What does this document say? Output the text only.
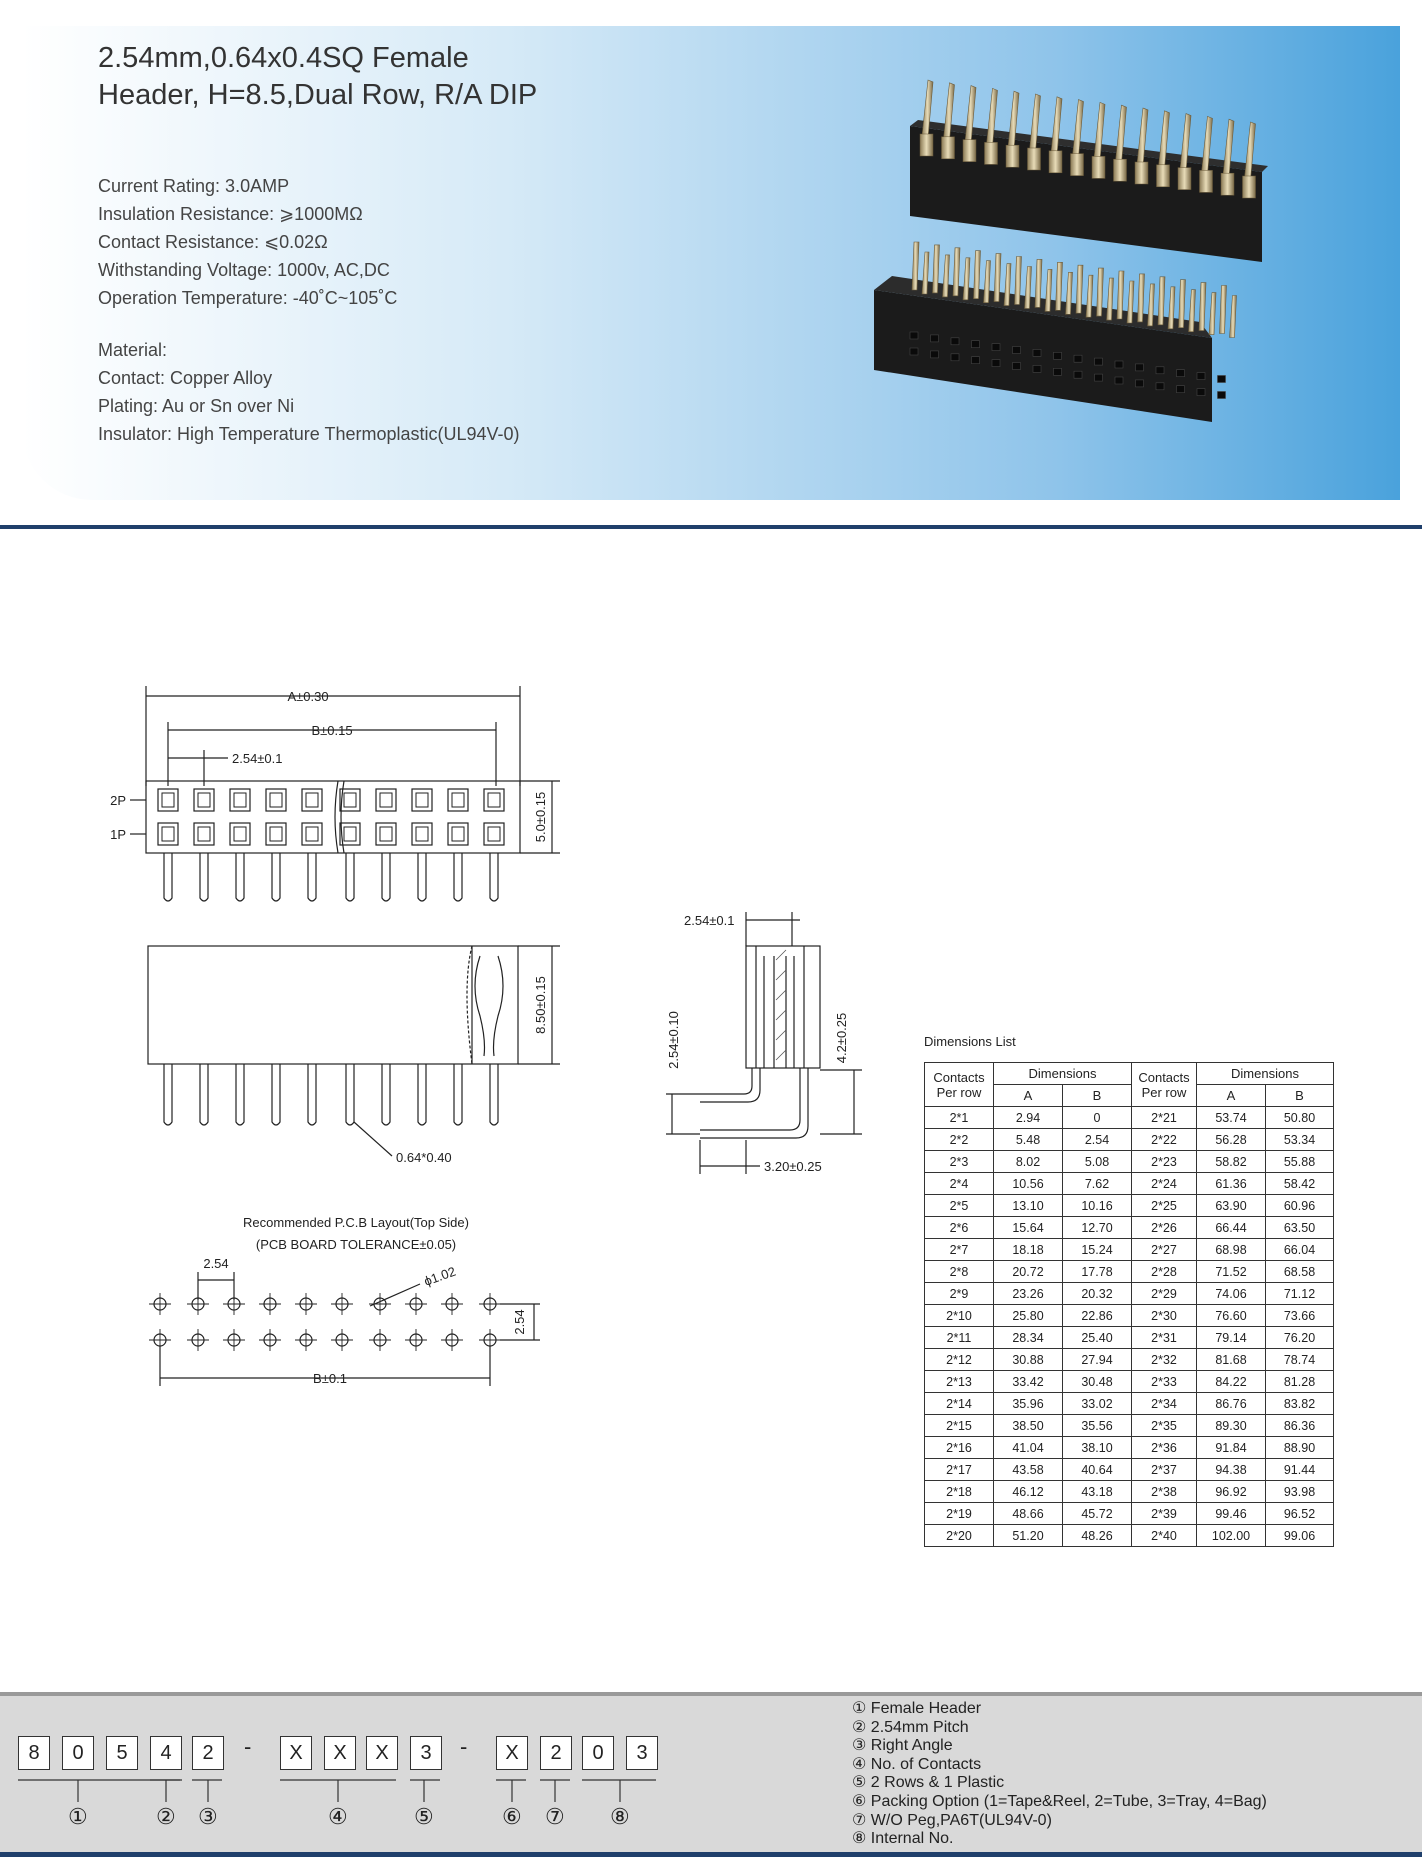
2.54mm,0.64x0.4SQ Female Header, H=8.5,Dual Row, R/A DIP
Current Rating: 3.0AMP
Insulation Resistance: ⩾1000MΩ
Contact Resistance: ⩽0.02Ω
Withstanding Voltage: 1000v, AC,DC
Operation Temperature: -40˚C~105˚C
Material:
Contact: Copper Alloy
Plating: Au or Sn over Ni
Insulator: High Temperature Thermoplastic(UL94V-0)
A±0.30
B±0.15
2.54±0.1
2P
1P	5.0±0.15
8.50±0.15
0.64*0.40
2.54±0.1
2.54±0.10	4.2±0.25
3.20±0.25
Recommended P.C.B Layout(Top Side)
(PCB BOARD TOLERANCE±0.05)
2.54
ϕ1.02
2.54
B±0.1
Dimensions List
Contacts Per row	Dimensions		Contacts Per row	Dimensions	
	A	B		A	B
2*1	2.94	0	2*21	53.74	50.80
2*2	5.48	2.54	2*22	56.28	53.34
2*3	8.02	5.08	2*23	58.82	55.88
2*4	10.56	7.62	2*24	61.36	58.42
2*5	13.10	10.16	2*25	63.90	60.96
2*6	15.64	12.70	2*26	66.44	63.50
2*7	18.18	15.24	2*27	68.98	66.04
2*8	20.72	17.78	2*28	71.52	68.58
2*9	23.26	20.32	2*29	74.06	71.12
2*10	25.80	22.86	2*30	76.60	73.66
2*11	28.34	25.40	2*31	79.14	76.20
2*12	30.88	27.94	2*32	81.68	78.74
2*13	33.42	30.48	2*33	84.22	81.28
2*14	35.96	33.02	2*34	86.76	83.82
2*15	38.50	35.56	2*35	89.30	86.36
2*16	41.04	38.10	2*36	91.84	88.90
2*17	43.58	40.64	2*37	94.38	91.44
2*18	46.12	43.18	2*38	96.92	93.98
2*19	48.66	45.72	2*39	99.46	96.52
2*20	51.20	48.26	2*40	102.00	99.06
8	0	5	4	2	X	X	X	3	X	2	0	3
-	-
①	② ③	④	⑤	⑥ ⑦ ⑧
① Female Header
② 2.54mm Pitch
③ Right Angle
④ No. of Contacts
⑤ 2 Rows & 1 Plastic
⑥ Packing Option (1=Tape&Reel, 2=Tube, 3=Tray, 4=Bag)
⑦ W/O Peg,PA6T(UL94V-0)
⑧ Internal No.
